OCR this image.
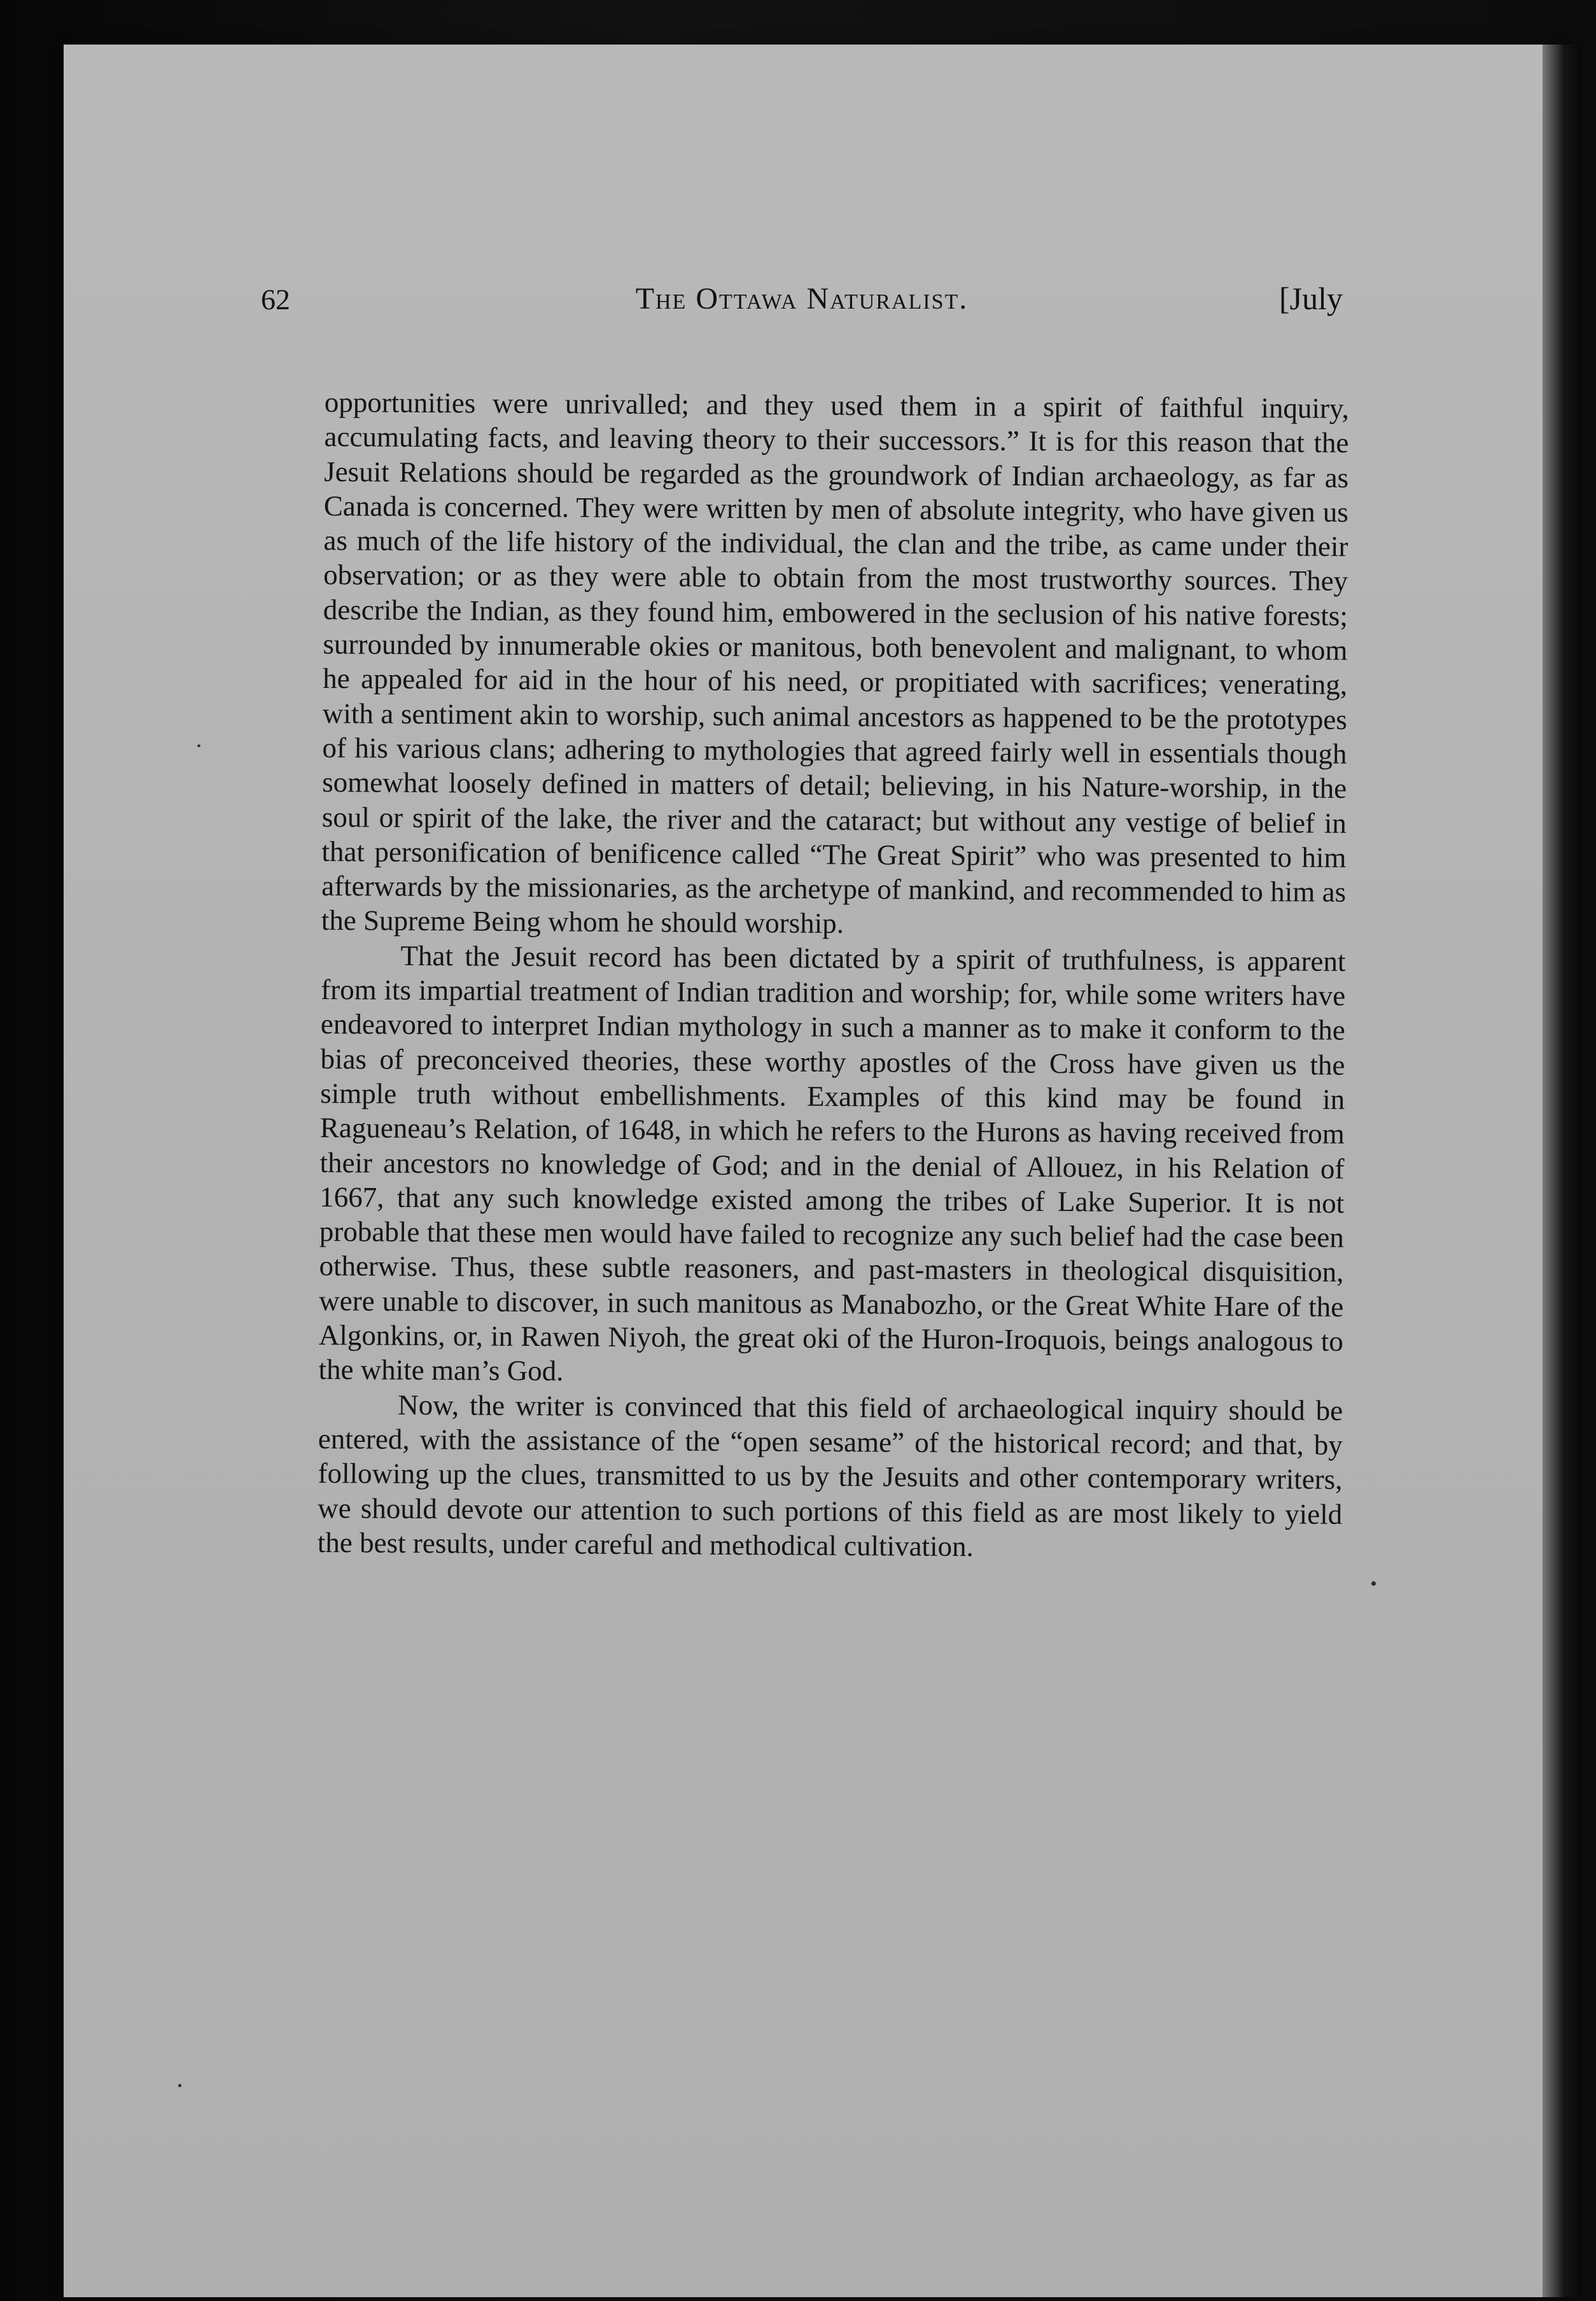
62	The Ottawa Naturalist.	[July

opportunities were unrivalled; and they used them in a spirit of faithful inquiry, accumulating facts, and leaving theory to their successors.” It is for this reason that the Jesuit Relations should be regarded as the groundwork of Indian archaeology, as far as Canada is concerned. They were written by men of absolute integrity, who have given us as much of the life history of the individual, the clan and the tribe, as came under their observation; or as they were able to obtain from the most trustworthy sources. They describe the Indian, as they found him, embowered in the seclusion of his native forests; surrounded by innumerable okies or manitous, both benevolent and malignant, to whom he appealed for aid in the hour of his need, or propitiated with sacrifices; venerating, with a sentiment akin to worship, such animal ancestors as happened to be the prototypes of his various clans; adhering to mythologies that agreed fairly well in essentials though somewhat loosely defined in matters of detail; believing, in his Nature-worship, in the soul or spirit of the lake, the river and the cataract; but without any vestige of belief in that personification of benificence called “The Great Spirit” who was presented to him afterwards by the missionaries, as the archetype of mankind, and recommended to him as the Supreme Being whom he should worship.

That the Jesuit record has been dictated by a spirit of truthfulness, is apparent from its impartial treatment of Indian tradition and worship; for, while some writers have endeavored to interpret Indian mythology in such a manner as to make it conform to the bias of preconceived theories, these worthy apostles of the Cross have given us the simple truth without embellishments. Examples of this kind may be found in Ragueneau’s Relation, of 1648, in which he refers to the Hurons as having received from their ancestors no knowledge of God; and in the denial of Allouez, in his Relation of 1667, that any such knowledge existed among the tribes of Lake Superior. It is not probable that these men would have failed to recognize any such belief had the case been otherwise. Thus, these subtle reasoners, and past-masters in theological disquisition, were unable to discover, in such manitous as Manabozho, or the Great White Hare of the Algonkins, or, in Rawen Niyoh, the great oki of the Huron-Iroquois, beings analogous to the white man’s God.

Now, the writer is convinced that this field of archaeological inquiry should be entered, with the assistance of the “open sesame” of the historical record; and that, by following up the clues, transmitted to us by the Jesuits and other contemporary writers, we should devote our attention to such portions of this field as are most likely to yield the best results, under careful and methodical cultivation.
